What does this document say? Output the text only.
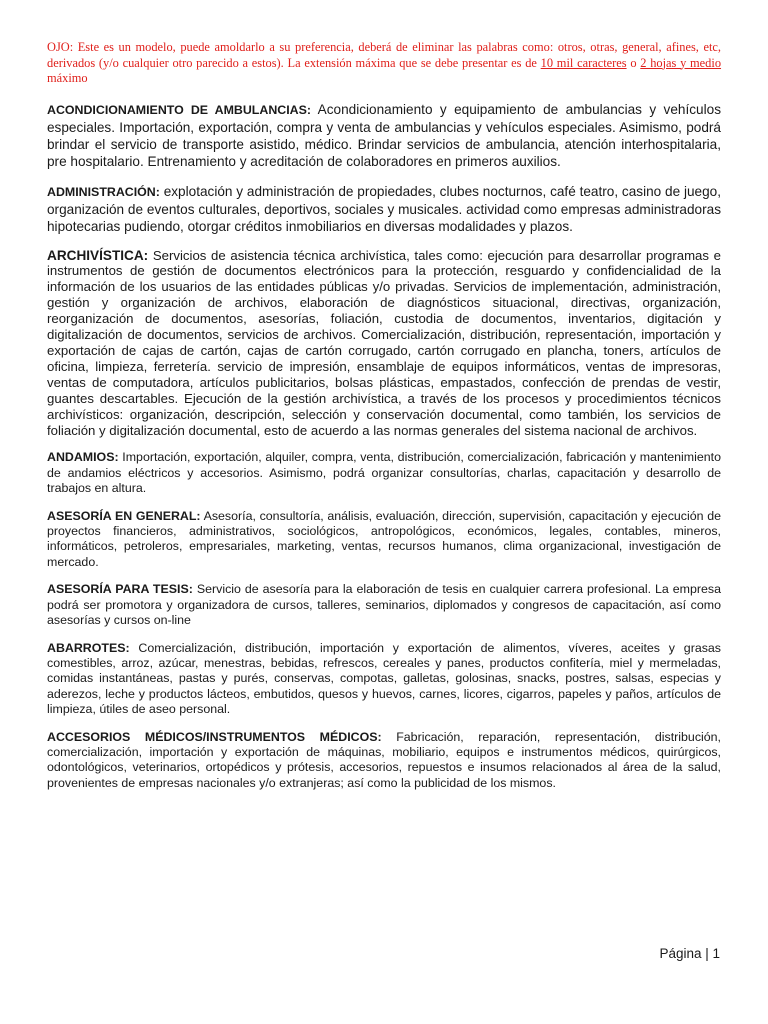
OJO: Este es un modelo, puede amoldarlo a su preferencia, deberá de eliminar las palabras como: otros, otras, general, afines, etc, derivados (y/o cualquier otro parecido a estos). La extensión máxima que se debe presentar es de 10 mil caracteres o 2 hojas y medio máximo

ACONDICIONAMIENTO DE AMBULANCIAS: Acondicionamiento y equipamiento de ambulancias y vehículos especiales. Importación, exportación, compra y venta de ambulancias y vehículos especiales. Asimismo, podrá brindar el servicio de transporte asistido, médico. Brindar servicios de ambulancia, atención interhospitalaria, pre hospitalario. Entrenamiento y acreditación de colaboradores en primeros auxilios.

ADMINISTRACIÓN: explotación y administración de propiedades, clubes nocturnos, café teatro, casino de juego, organización de eventos culturales, deportivos, sociales y musicales. actividad como empresas administradoras hipotecarias pudiendo, otorgar créditos inmobiliarios en diversas modalidades y plazos.

ARCHIVÍSTICA: Servicios de asistencia técnica archivística, tales como: ejecución para desarrollar programas e instrumentos de gestión de documentos electrónicos para la protección, resguardo y confidencialidad de la información de los usuarios de las entidades públicas y/o privadas. Servicios de implementación, administración, gestión y organización de archivos, elaboración de diagnósticos situacional, directivas, organización, reorganización de documentos, asesorías, foliación, custodia de documentos, inventarios, digitación y digitalización de documentos, servicios de archivos. Comercialización, distribución, representación, importación y exportación de cajas de cartón, cajas de cartón corrugado, cartón corrugado en plancha, toners, artículos de oficina, limpieza, ferretería. servicio de impresión, ensamblaje de equipos informáticos, ventas de impresoras, ventas de computadora, artículos publicitarios, bolsas plásticas, empastados, confección de prendas de vestir, guantes descartables. Ejecución de la gestión archivística, a través de los procesos y procedimientos técnicos archivísticos: organización, descripción, selección y conservación documental, como también, los servicios de foliación y digitalización documental, esto de acuerdo a las normas generales del sistema nacional de archivos.

ANDAMIOS: Importación, exportación, alquiler, compra, venta, distribución, comercialización, fabricación y mantenimiento de andamios eléctricos y accesorios. Asimismo, podrá organizar consultorías, charlas, capacitación y desarrollo de trabajos en altura.

ASESORÍA EN GENERAL: Asesoría, consultoría, análisis, evaluación, dirección, supervisión, capacitación y ejecución de proyectos financieros, administrativos, sociológicos, antropológicos, económicos, legales, contables, mineros, informáticos, petroleros, empresariales, marketing, ventas, recursos humanos, clima organizacional, investigación de mercado.

ASESORÍA PARA TESIS: Servicio de asesoría para la elaboración de tesis en cualquier carrera profesional. La empresa podrá ser promotora y organizadora de cursos, talleres, seminarios, diplomados y congresos de capacitación, así como asesorías y cursos on-line

ABARROTES: Comercialización, distribución, importación y exportación de alimentos, víveres, aceites y grasas comestibles, arroz, azúcar, menestras, bebidas, refrescos, cereales y panes, productos confitería, miel y mermeladas, comidas instantáneas, pastas y purés, conservas, compotas, galletas, golosinas, snacks, postres, salsas, especias y aderezos, leche y productos lácteos, embutidos, quesos y huevos, carnes, licores, cigarros, papeles y paños, artículos de limpieza, útiles de aseo personal.

ACCESORIOS MÉDICOS/INSTRUMENTOS MÉDICOS: Fabricación, reparación, representación, distribución, comercialización, importación y exportación de máquinas, mobiliario, equipos e instrumentos médicos, quirúrgicos, odontológicos, veterinarios, ortopédicos y prótesis, accesorios, repuestos e insumos relacionados al área de la salud, provenientes de empresas nacionales y/o extranjeras; así como la publicidad de los mismos.

Página | 1
